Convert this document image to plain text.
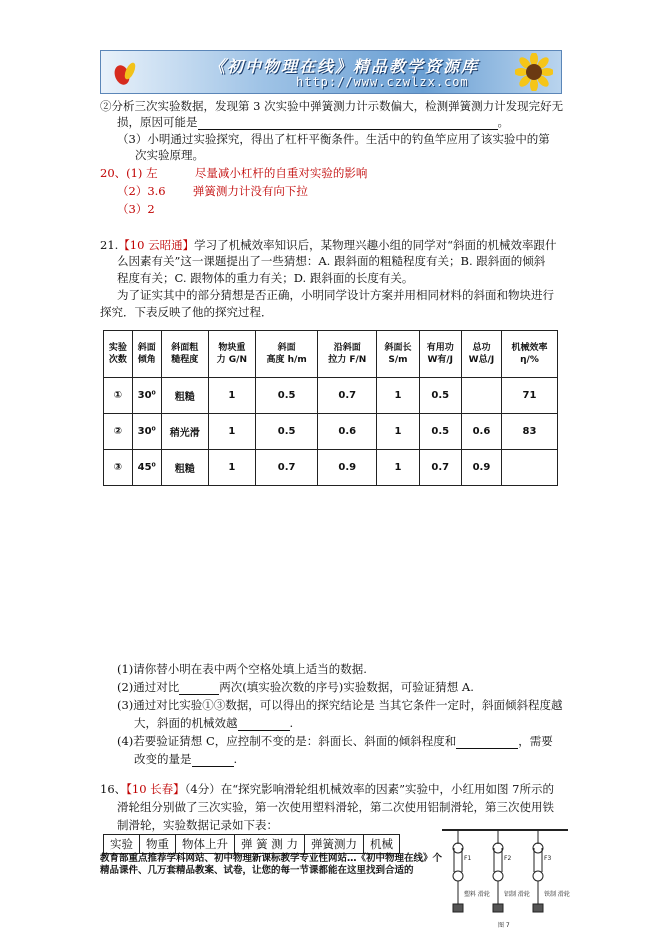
《初中物理在线》精品教学资源库
http://www.czwlzx.com
②分析三次实验数据，发现第 3 次实验中弹簧测力计示数偏大，检测弹簧测力计发现完好无
损，原因可能是	。
（3）小明通过实验探究，得出了杠杆平衡条件。生活中的钓鱼竿应用了该实验中的第
次实验原理。
20、(1) 左	尽量减小杠杆的自重对实验的影响
（2）3.6 弹簧测力计没有向下拉
（3）2
21.【10 云昭通】学习了机械效率知识后，某物理兴趣小组的同学对“斜面的机械效率跟什
么因素有关”这一课题提出了一些猜想：A. 跟斜面的粗糙程度有关；B. 跟斜面的倾斜
程度有关；C. 跟物体的重力有关；D. 跟斜面的长度有关。
为了证实其中的部分猜想是否正确，小明同学设计方案并用相同材料的斜面和物块进行
探究．下表反映了他的探究过程．
实验
次数	斜面
倾角	斜面粗
糙程度	物块重
力 G/N	斜面
高度 h/m	沿斜面
拉力 F/N	斜面长
S/m	有用功
W有/J	总功
W总/J	机械效率
η/%
①	30⁰	粗糙	1	0.5	0.7	1	0.5		71
②	30⁰	稍光滑	1	0.5	0.6	1	0.5	0.6	83
③	45⁰	粗糙	1	0.7	0.9	1	0.7	0.9	
(1)请你替小明在表中两个空格处填上适当的数据.
(2)通过对比	两次(填实验次数的序号)实验数据，可验证猜想 A.
(3)通过对比实验①③数据，可以得出的探究结论是 当其它条件一定时，斜面倾斜程度越
大，斜面的机械效越	.
(4)若要验证猜想 C，应控制不变的是：斜面长、斜面的倾斜程度和	，需要
改变的量是	.
16、【10 长春】（4分）在“探究影响滑轮组机械效率的因素”实验中，小红用如图 7所示的
滑轮组分别做了三次实验，第一次使用塑料滑轮，第二次使用铝制滑轮，第三次使用铁
制滑轮，实验数据记录如下表：
实验	物重	物体上升	弹 簧 测 力	弹簧测力	机械
教育部重点推荐学科网站、初中物理新课标教学专业性网站…《初中物理在线》个精品课件、几万套精品教案、试卷，让您的每一节课都能在这里找到合适的
F1	F2	F3
塑料 滑轮 铝制 滑轮 铁制 滑轮
图 7
